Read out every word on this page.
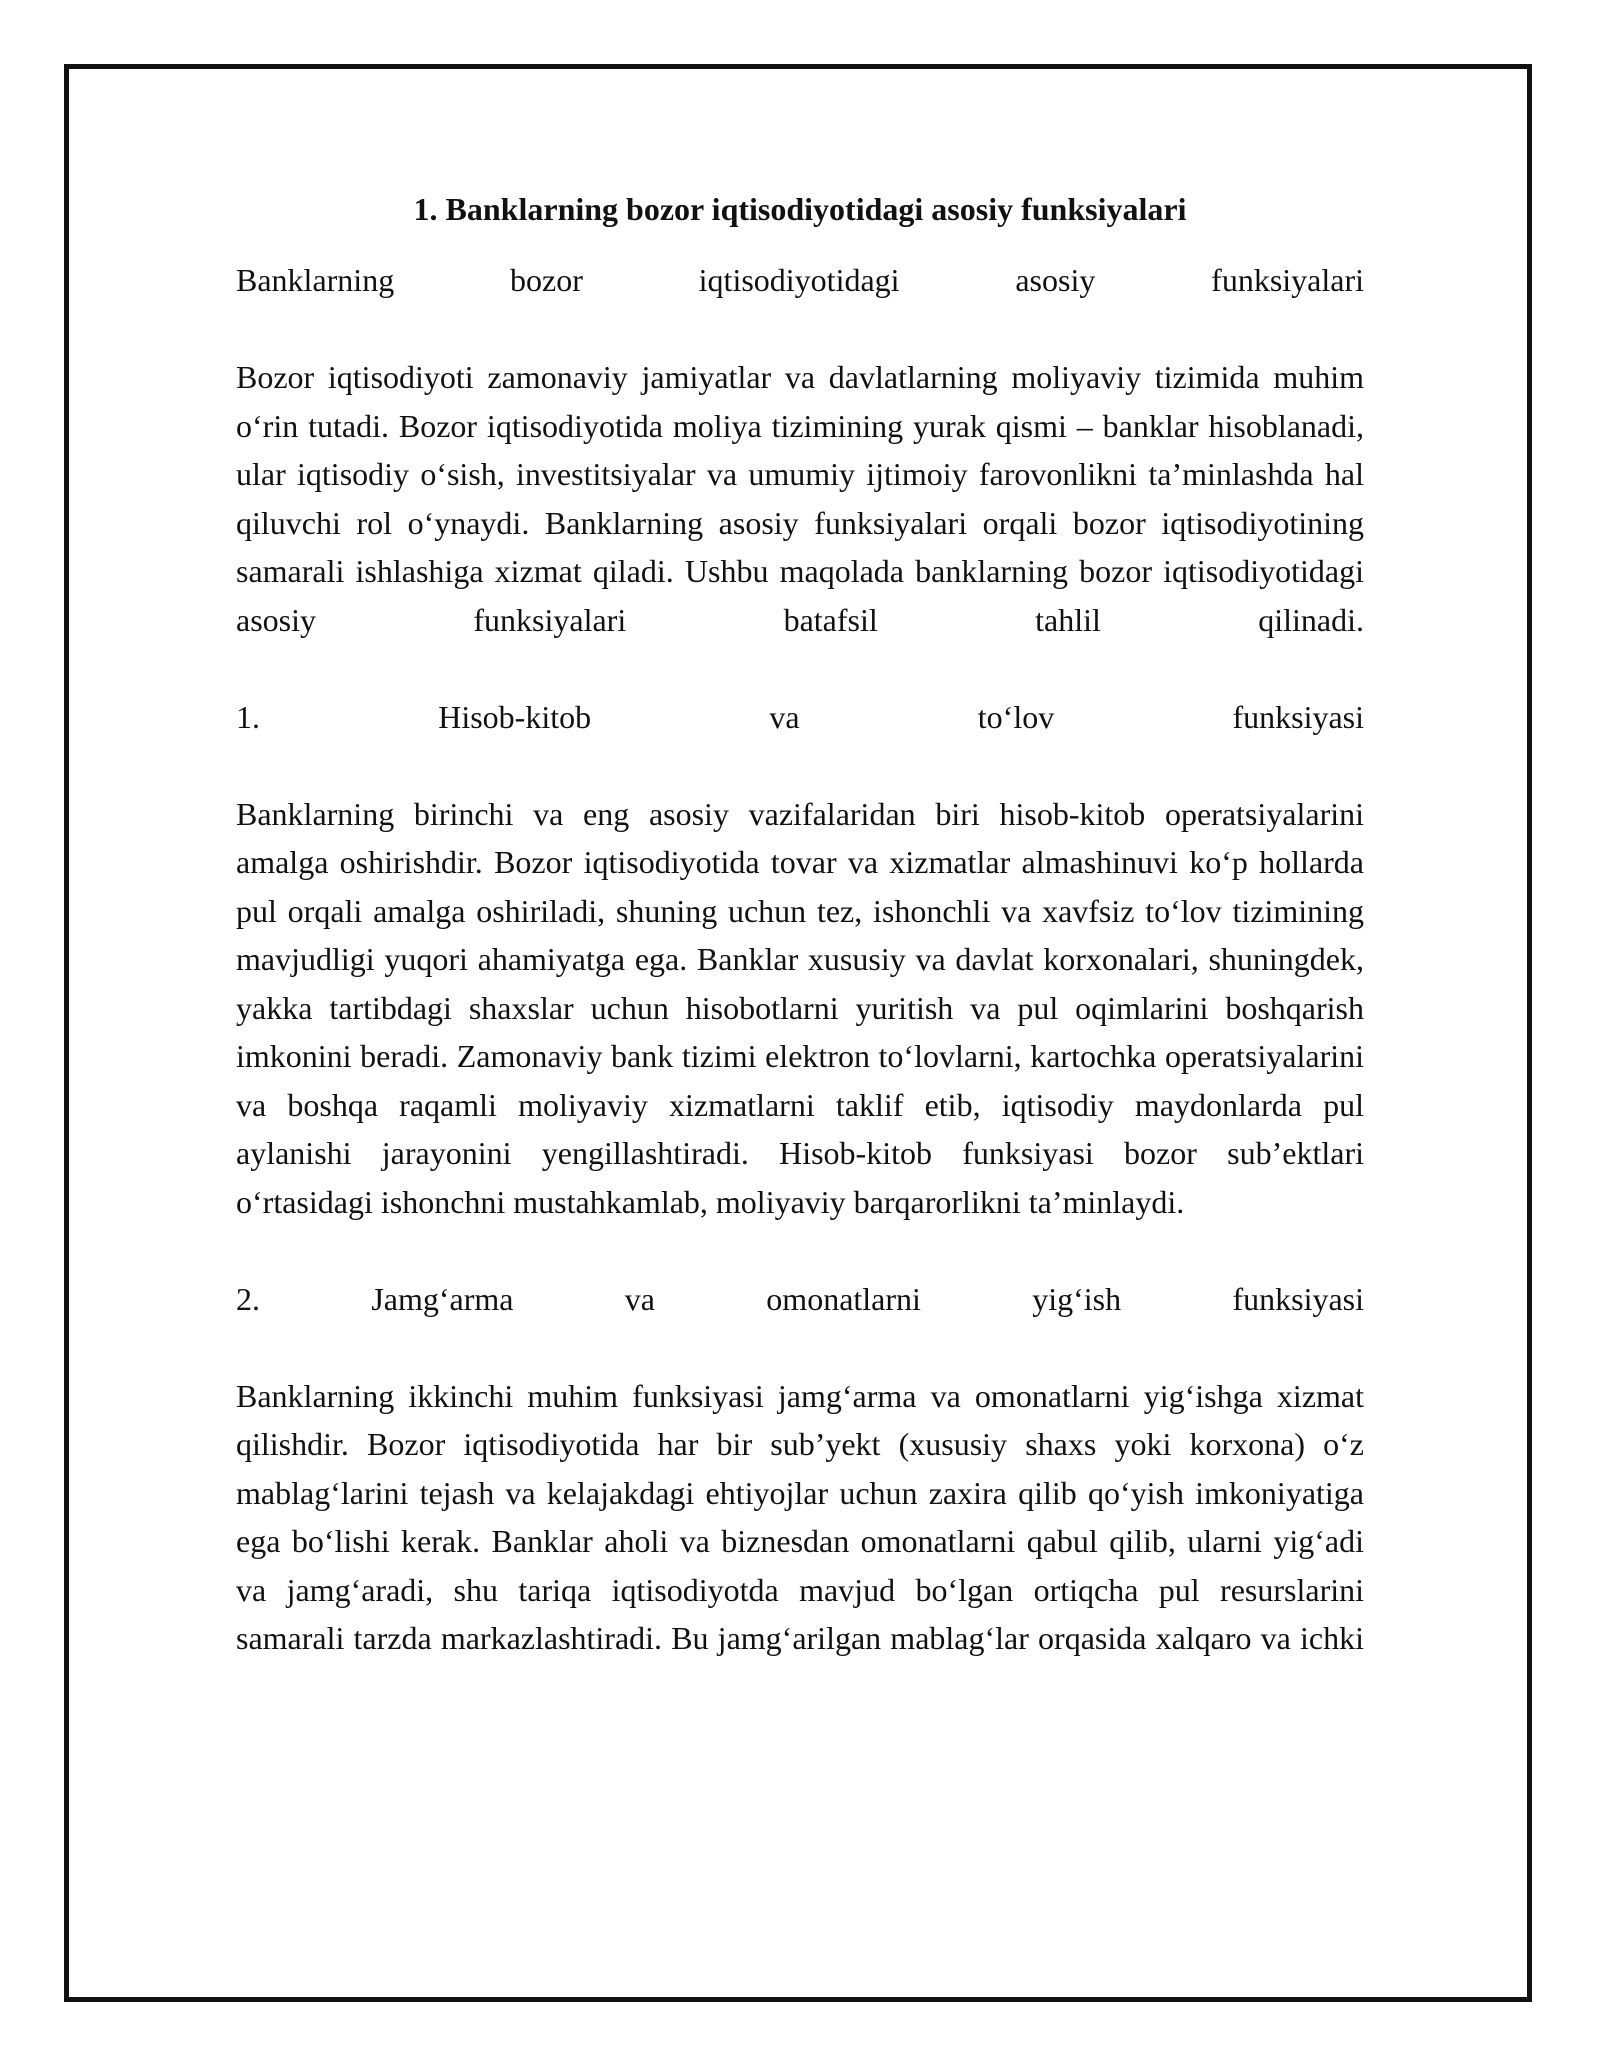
1. Banklarning bozor iqtisodiyotidagi asosiy funksiyalari

Banklarning bozor iqtisodiyotidagi asosiy funksiyalari

Bozor iqtisodiyoti zamonaviy jamiyatlar va davlatlarning moliyaviy tizimida muhim o‘rin tutadi. Bozor iqtisodiyotida moliya tizimining yurak qismi – banklar hisoblanadi, ular iqtisodiy o‘sish, investitsiyalar va umumiy ijtimoiy farovonlikni ta’minlashda hal qiluvchi rol o‘ynaydi. Banklarning asosiy funksiyalari orqali bozor iqtisodiyotining samarali ishlashiga xizmat qiladi. Ushbu maqolada banklarning bozor iqtisodiyotidagi asosiy funksiyalari batafsil tahlil qilinadi.

1. Hisob-kitob va to‘lov funksiyasi

Banklarning birinchi va eng asosiy vazifalaridan biri hisob-kitob operatsiyalarini amalga oshirishdir. Bozor iqtisodiyotida tovar va xizmatlar almashinuvi ko‘p hollarda pul orqali amalga oshiriladi, shuning uchun tez, ishonchli va xavfsiz to‘lov tizimining mavjudligi yuqori ahamiyatga ega. Banklar xususiy va davlat korxonalari, shuningdek, yakka tartibdagi shaxslar uchun hisobotlarni yuritish va pul oqimlarini boshqarish imkonini beradi. Zamonaviy bank tizimi elektron to‘lovlarni, kartochka operatsiyalarini va boshqa raqamli moliyaviy xizmatlarni taklif etib, iqtisodiy maydonlarda pul aylanishi jarayonini yengillashtiradi. Hisob-kitob funksiyasi bozor sub’ektlari o‘rtasidagi ishonchni mustahkamlab, moliyaviy barqarorlikni ta’minlaydi.

2. Jamg‘arma va omonatlarni yig‘ish funksiyasi

Banklarning ikkinchi muhim funksiyasi jamg‘arma va omonatlarni yig‘ishga xizmat qilishdir. Bozor iqtisodiyotida har bir sub’yekt (xususiy shaxs yoki korxona) o‘z mablag‘larini tejash va kelajakdagi ehtiyojlar uchun zaxira qilib qo‘yish imkoniyatiga ega bo‘lishi kerak. Banklar aholi va biznesdan omonatlarni qabul qilib, ularni yig‘adi va jamg‘aradi, shu tariqa iqtisodiyotda mavjud bo‘lgan ortiqcha pul resurslarini samarali tarzda markazlashtiradi. Bu jamg‘arilgan mablag‘lar orqasida xalqaro va ichki
